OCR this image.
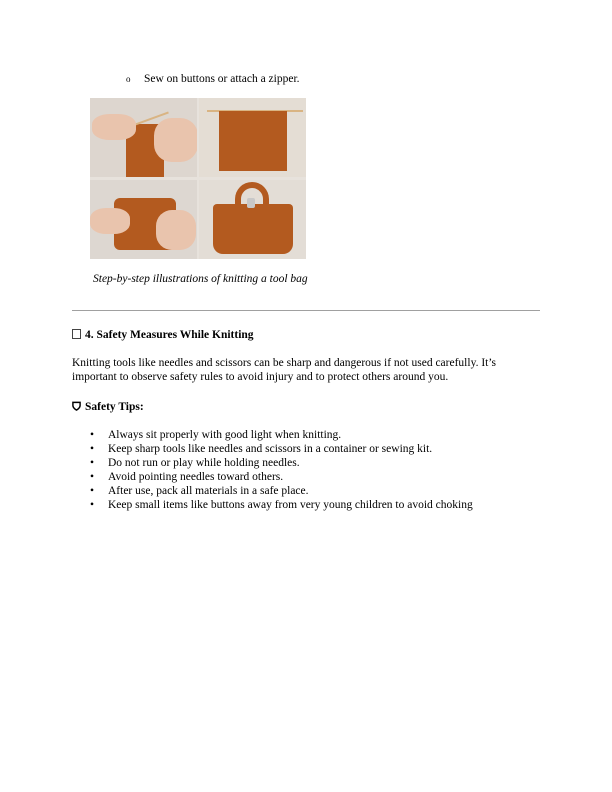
o Sew on buttons or attach a zipper.
Step-by-step illustrations of knitting a tool bag
4. Safety Measures While Knitting
Knitting tools like needles and scissors can be sharp and dangerous if not used carefully. It’s important to observe safety rules to avoid injury and to protect others around you.
Safety Tips:
• Always sit properly with good light when knitting.
• Keep sharp tools like needles and scissors in a container or sewing kit.
• Do not run or play while holding needles.
• Avoid pointing needles toward others.
• After use, pack all materials in a safe place.
• Keep small items like buttons away from very young children to avoid choking
